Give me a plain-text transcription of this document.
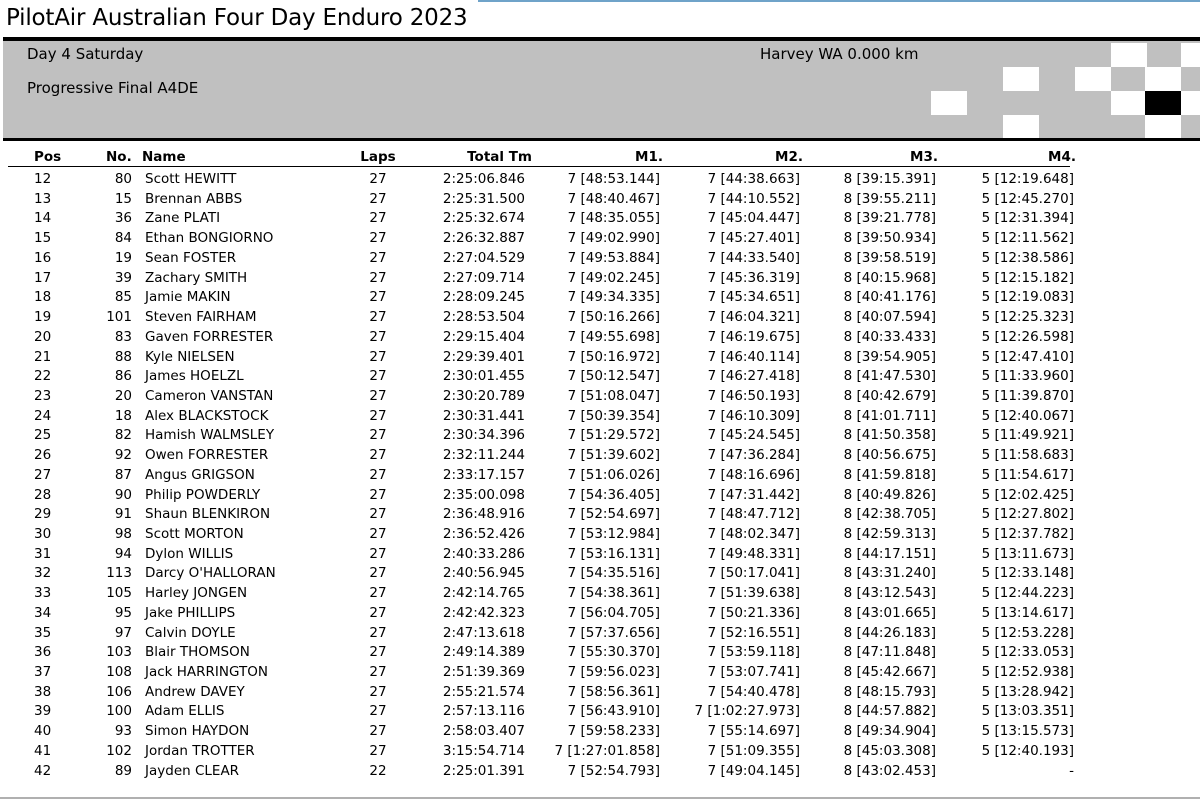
PilotAir Australian Four Day Enduro 2023
Day 4 Saturday	Harvey WA 0.000 km
Progressive Final A4DE
Pos	No. Name	Laps	Total Tm	M1.	M2.	M3.	M4.
12	80 Scott HEWITT	27	2:25:06.846	7 [48:53.144]	7 [44:38.663]	8 [39:15.391]	5 [12:19.648]
13	15 Brennan ABBS	27	2:25:31.500	7 [48:40.467]	7 [44:10.552]	8 [39:55.211]	5 [12:45.270]
14	36 Zane PLATI	27	2:25:32.674	7 [48:35.055]	7 [45:04.447]	8 [39:21.778]	5 [12:31.394]
15	84 Ethan BONGIORNO	27	2:26:32.887	7 [49:02.990]	7 [45:27.401]	8 [39:50.934]	5 [12:11.562]
16	19 Sean FOSTER	27	2:27:04.529	7 [49:53.884]	7 [44:33.540]	8 [39:58.519]	5 [12:38.586]
17	39 Zachary SMITH	27	2:27:09.714	7 [49:02.245]	7 [45:36.319]	8 [40:15.968]	5 [12:15.182]
18	85 Jamie MAKIN	27	2:28:09.245	7 [49:34.335]	7 [45:34.651]	8 [40:41.176]	5 [12:19.083]
19	101 Steven FAIRHAM	27	2:28:53.504	7 [50:16.266]	7 [46:04.321]	8 [40:07.594]	5 [12:25.323]
20	83 Gaven FORRESTER	27	2:29:15.404	7 [49:55.698]	7 [46:19.675]	8 [40:33.433]	5 [12:26.598]
21	88 Kyle NIELSEN	27	2:29:39.401	7 [50:16.972]	7 [46:40.114]	8 [39:54.905]	5 [12:47.410]
22	86 James HOELZL	27	2:30:01.455	7 [50:12.547]	7 [46:27.418]	8 [41:47.530]	5 [11:33.960]
23	20 Cameron VANSTAN	27	2:30:20.789	7 [51:08.047]	7 [46:50.193]	8 [40:42.679]	5 [11:39.870]
24	18 Alex BLACKSTOCK	27	2:30:31.441	7 [50:39.354]	7 [46:10.309]	8 [41:01.711]	5 [12:40.067]
25	82 Hamish WALMSLEY	27	2:30:34.396	7 [51:29.572]	7 [45:24.545]	8 [41:50.358]	5 [11:49.921]
26	92 Owen FORRESTER	27	2:32:11.244	7 [51:39.602]	7 [47:36.284]	8 [40:56.675]	5 [11:58.683]
27	87 Angus GRIGSON	27	2:33:17.157	7 [51:06.026]	7 [48:16.696]	8 [41:59.818]	5 [11:54.617]
28	90 Philip POWDERLY	27	2:35:00.098	7 [54:36.405]	7 [47:31.442]	8 [40:49.826]	5 [12:02.425]
29	91 Shaun BLENKIRON	27	2:36:48.916	7 [52:54.697]	7 [48:47.712]	8 [42:38.705]	5 [12:27.802]
30	98 Scott MORTON	27	2:36:52.426	7 [53:12.984]	7 [48:02.347]	8 [42:59.313]	5 [12:37.782]
31	94 Dylon WILLIS	27	2:40:33.286	7 [53:16.131]	7 [49:48.331]	8 [44:17.151]	5 [13:11.673]
32	113 Darcy O'HALLORAN	27	2:40:56.945	7 [54:35.516]	7 [50:17.041]	8 [43:31.240]	5 [12:33.148]
33	105 Harley JONGEN	27	2:42:14.765	7 [54:38.361]	7 [51:39.638]	8 [43:12.543]	5 [12:44.223]
34	95 Jake PHILLIPS	27	2:42:42.323	7 [56:04.705]	7 [50:21.336]	8 [43:01.665]	5 [13:14.617]
35	97 Calvin DOYLE	27	2:47:13.618	7 [57:37.656]	7 [52:16.551]	8 [44:26.183]	5 [12:53.228]
36	103 Blair THOMSON	27	2:49:14.389	7 [55:30.370]	7 [53:59.118]	8 [47:11.848]	5 [12:33.053]
37	108 Jack HARRINGTON	27	2:51:39.369	7 [59:56.023]	7 [53:07.741]	8 [45:42.667]	5 [12:52.938]
38	106 Andrew DAVEY	27	2:55:21.574	7 [58:56.361]	7 [54:40.478]	8 [48:15.793]	5 [13:28.942]
39	100 Adam ELLIS	27	2:57:13.116	7 [56:43.910]	7 [1:02:27.973]	8 [44:57.882]	5 [13:03.351]
40	93 Simon HAYDON	27	2:58:03.407	7 [59:58.233]	7 [55:14.697]	8 [49:34.904]	5 [13:15.573]
41	102 Jordan TROTTER	27	3:15:54.714	7 [1:27:01.858]	7 [51:09.355]	8 [45:03.308]	5 [12:40.193]
42	89 Jayden CLEAR	22	2:25:01.391	7 [52:54.793]	7 [49:04.145]	8 [43:02.453]	-
